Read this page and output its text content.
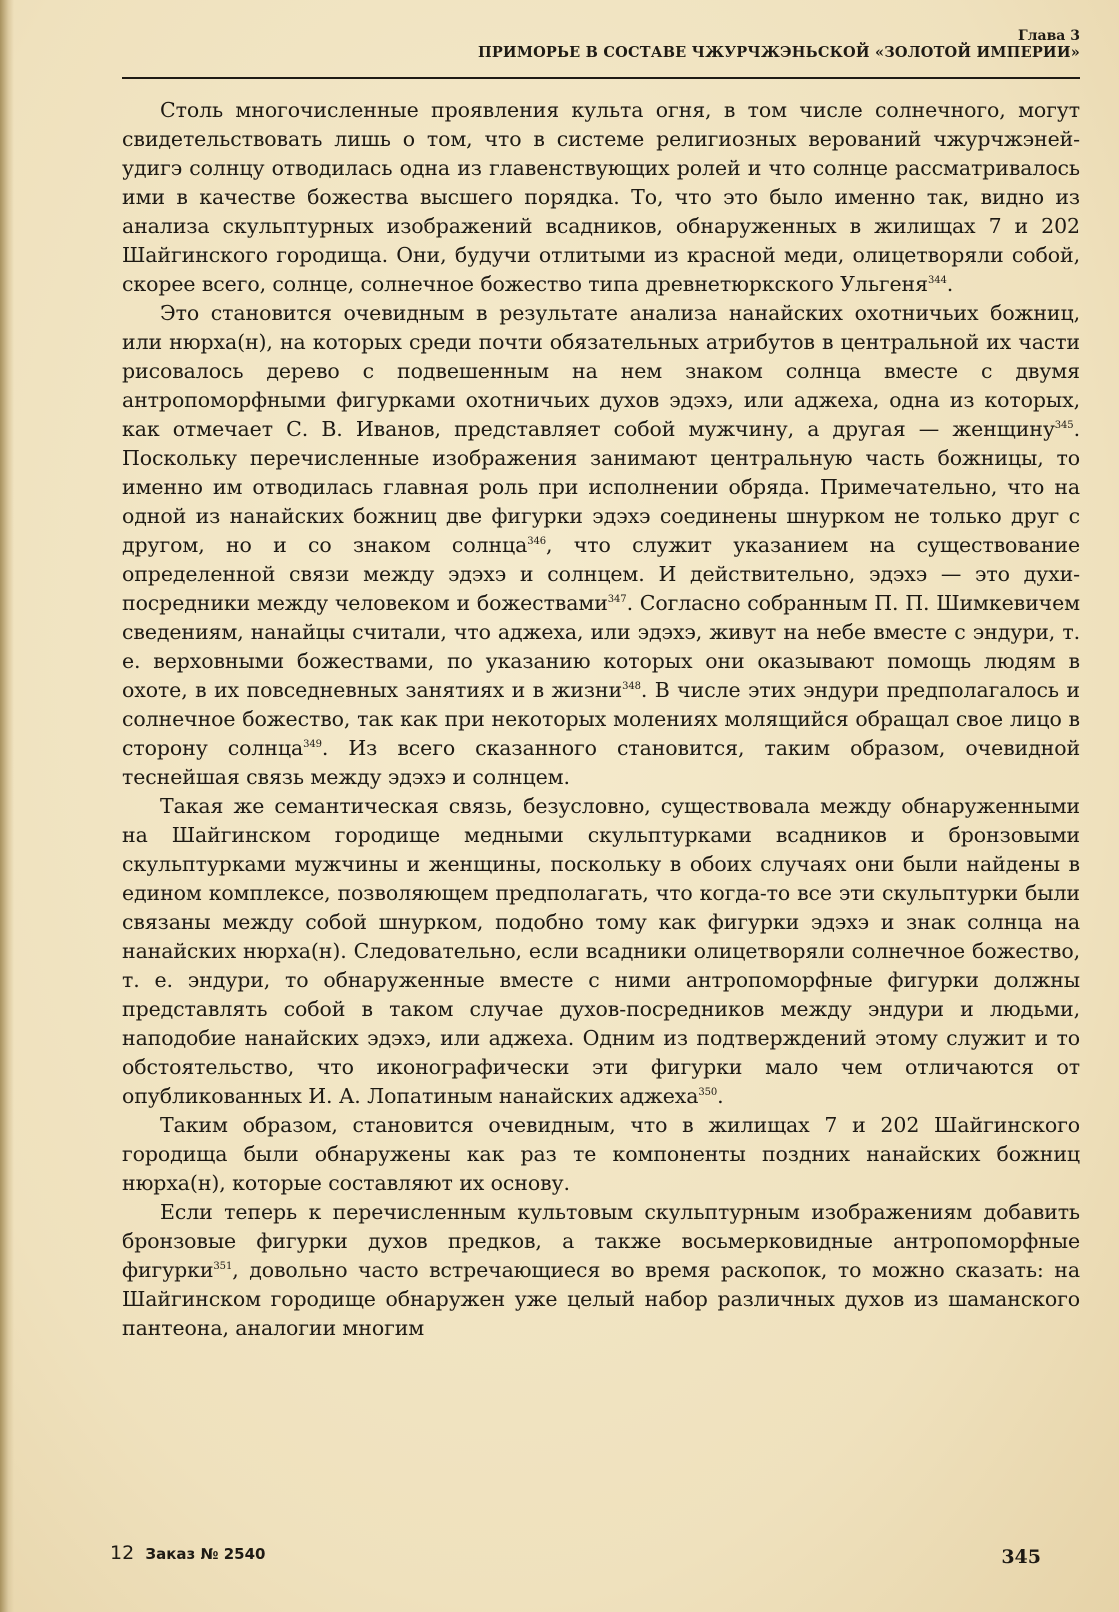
Глава 3
ПРИМОРЬЕ В СОСТАВЕ ЧЖУРЧЖЭНЬСКОЙ «ЗОЛОТОЙ ИМПЕРИИ»

Столь многочисленные проявления культа огня, в том числе солнечного, могут свидетельствовать лишь о том, что в системе религиозных верований чжурчжэней-удигэ солнцу отводилась одна из главенствующих ролей и что солнце рассматривалось ими в качестве божества высшего порядка. То, что это было именно так, видно из анализа скульптурных изображений всадников, обнаруженных в жилищах 7 и 202 Шайгинского городища. Они, будучи отлитыми из красной меди, олицетворяли собой, скорее всего, солнце, солнечное божество типа древнетюркского Ульгеня$^{344}$.

Это становится очевидным в результате анализа нанайских охотничьих божниц, или нюрха(н), на которых среди почти обязательных атрибутов в центральной их части рисовалось дерево с подвешенным на нем знаком солнца вместе с двумя антропоморфными фигурками охотничьих духов эдэхэ, или аджеха, одна из которых, как отмечает С. В. Иванов, представляет собой мужчину, а другая — женщину$^{345}$. Поскольку перечисленные изображения занимают центральную часть божницы, то именно им отводилась главная роль при исполнении обряда. Примечательно, что на одной из нанайских божниц две фигурки эдэхэ соединены шнурком не только друг с другом, но и со знаком солнца$^{346}$, что служит указанием на существование определенной связи между эдэхэ и солнцем. И действительно, эдэхэ — это духи-посредники между человеком и божествами$^{347}$. Согласно собранным П. П. Шимкевичем сведениям, нанайцы считали, что аджеха, или эдэхэ, живут на небе вместе с эндури, т. е. верховными божествами, по указанию которых они оказывают помощь людям в охоте, в их повседневных занятиях и в жизни$^{348}$. В числе этих эндури предполагалось и солнечное божество, так как при некоторых молениях молящийся обращал свое лицо в сторону солнца$^{349}$. Из всего сказанного становится, таким образом, очевидной теснейшая связь между эдэхэ и солнцем.

Такая же семантическая связь, безусловно, существовала между обнаруженными на Шайгинском городище медными скульптурками всадников и бронзовыми скульптурками мужчины и женщины, поскольку в обоих случаях они были найдены в едином комплексе, позволяющем предполагать, что когда-то все эти скульптурки были связаны между собой шнурком, подобно тому как фигурки эдэхэ и знак солнца на нанайских нюрха(н). Следовательно, если всадники олицетворяли солнечное божество, т. е. эндури, то обнаруженные вместе с ними антропоморфные фигурки должны представлять собой в таком случае духов-посредников между эндури и людьми, наподобие нанайских эдэхэ, или аджеха. Одним из подтверждений этому служит и то обстоятельство, что иконографически эти фигурки мало чем отличаются от опубликованных И. А. Лопатиным нанайских аджеха$^{350}$.

Таким образом, становится очевидным, что в жилищах 7 и 202 Шайгинского городища были обнаружены как раз те компоненты поздних нанайских божниц нюрха(н), которые составляют их основу.

Если теперь к перечисленным культовым скульптурным изображениям добавить бронзовые фигурки духов предков, а также восьмерковидные антропоморфные фигурки$^{351}$, довольно часто встречающиеся во время раскопок, то можно сказать: на Шайгинском городище обнаружен уже целый набор различных духов из шаманского пантеона, аналогии многим

12 Заказ № 2540	345
